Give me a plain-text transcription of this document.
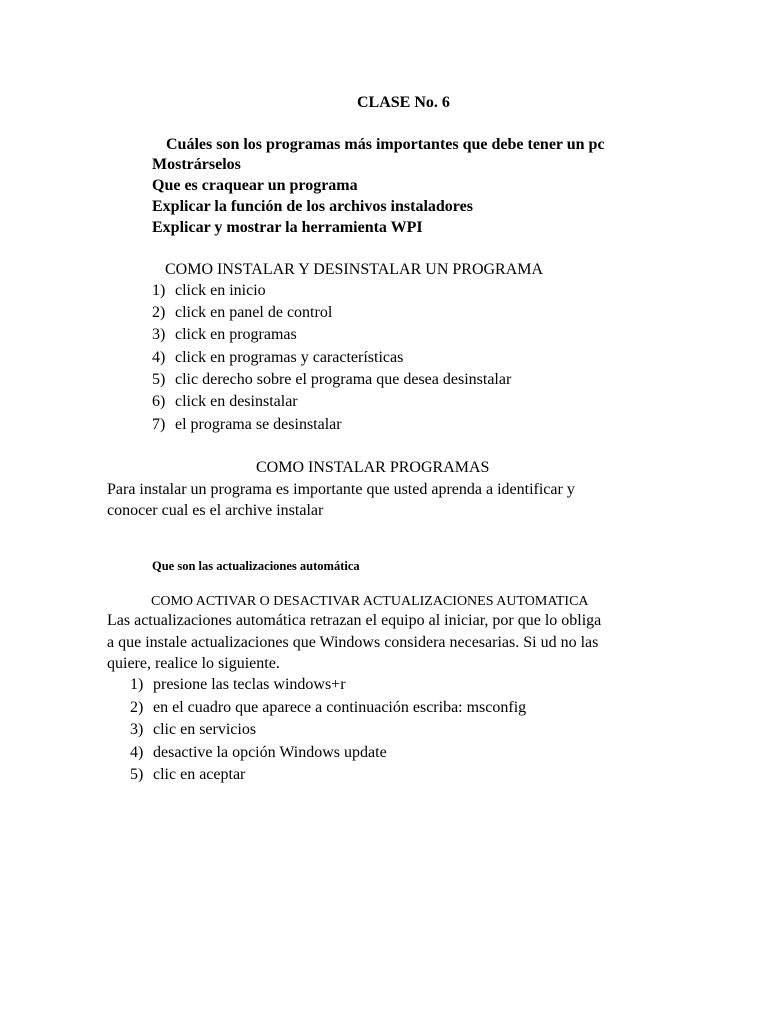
CLASE No. 6
Cuáles son los programas más importantes que debe tener un pc
Mostrárselos
Que es craquear un programa
Explicar la función de los archivos instaladores
Explicar y mostrar la herramienta WPI
COMO INSTALAR Y DESINSTALAR UN PROGRAMA
1) click en inicio
2) click en panel de control
3) click en programas
4) click en programas y características
5) clic derecho sobre el programa que desea desinstalar
6) click en desinstalar
7) el programa se desinstalar
COMO INSTALAR PROGRAMAS
Para instalar un programa es importante que usted aprenda a identificar y
conocer cual es el archive instalar
Que son las actualizaciones automática
COMO ACTIVAR O DESACTIVAR ACTUALIZACIONES AUTOMATICA
Las actualizaciones automática retrazan el equipo al iniciar, por que lo obliga
a que instale actualizaciones que Windows considera necesarias. Si ud no las
quiere, realice lo siguiente.
1) presione las teclas windows+r
2) en el cuadro que aparece a continuación escriba: msconfig
3) clic en servicios
4) desactive la opción Windows update
5) clic en aceptar
